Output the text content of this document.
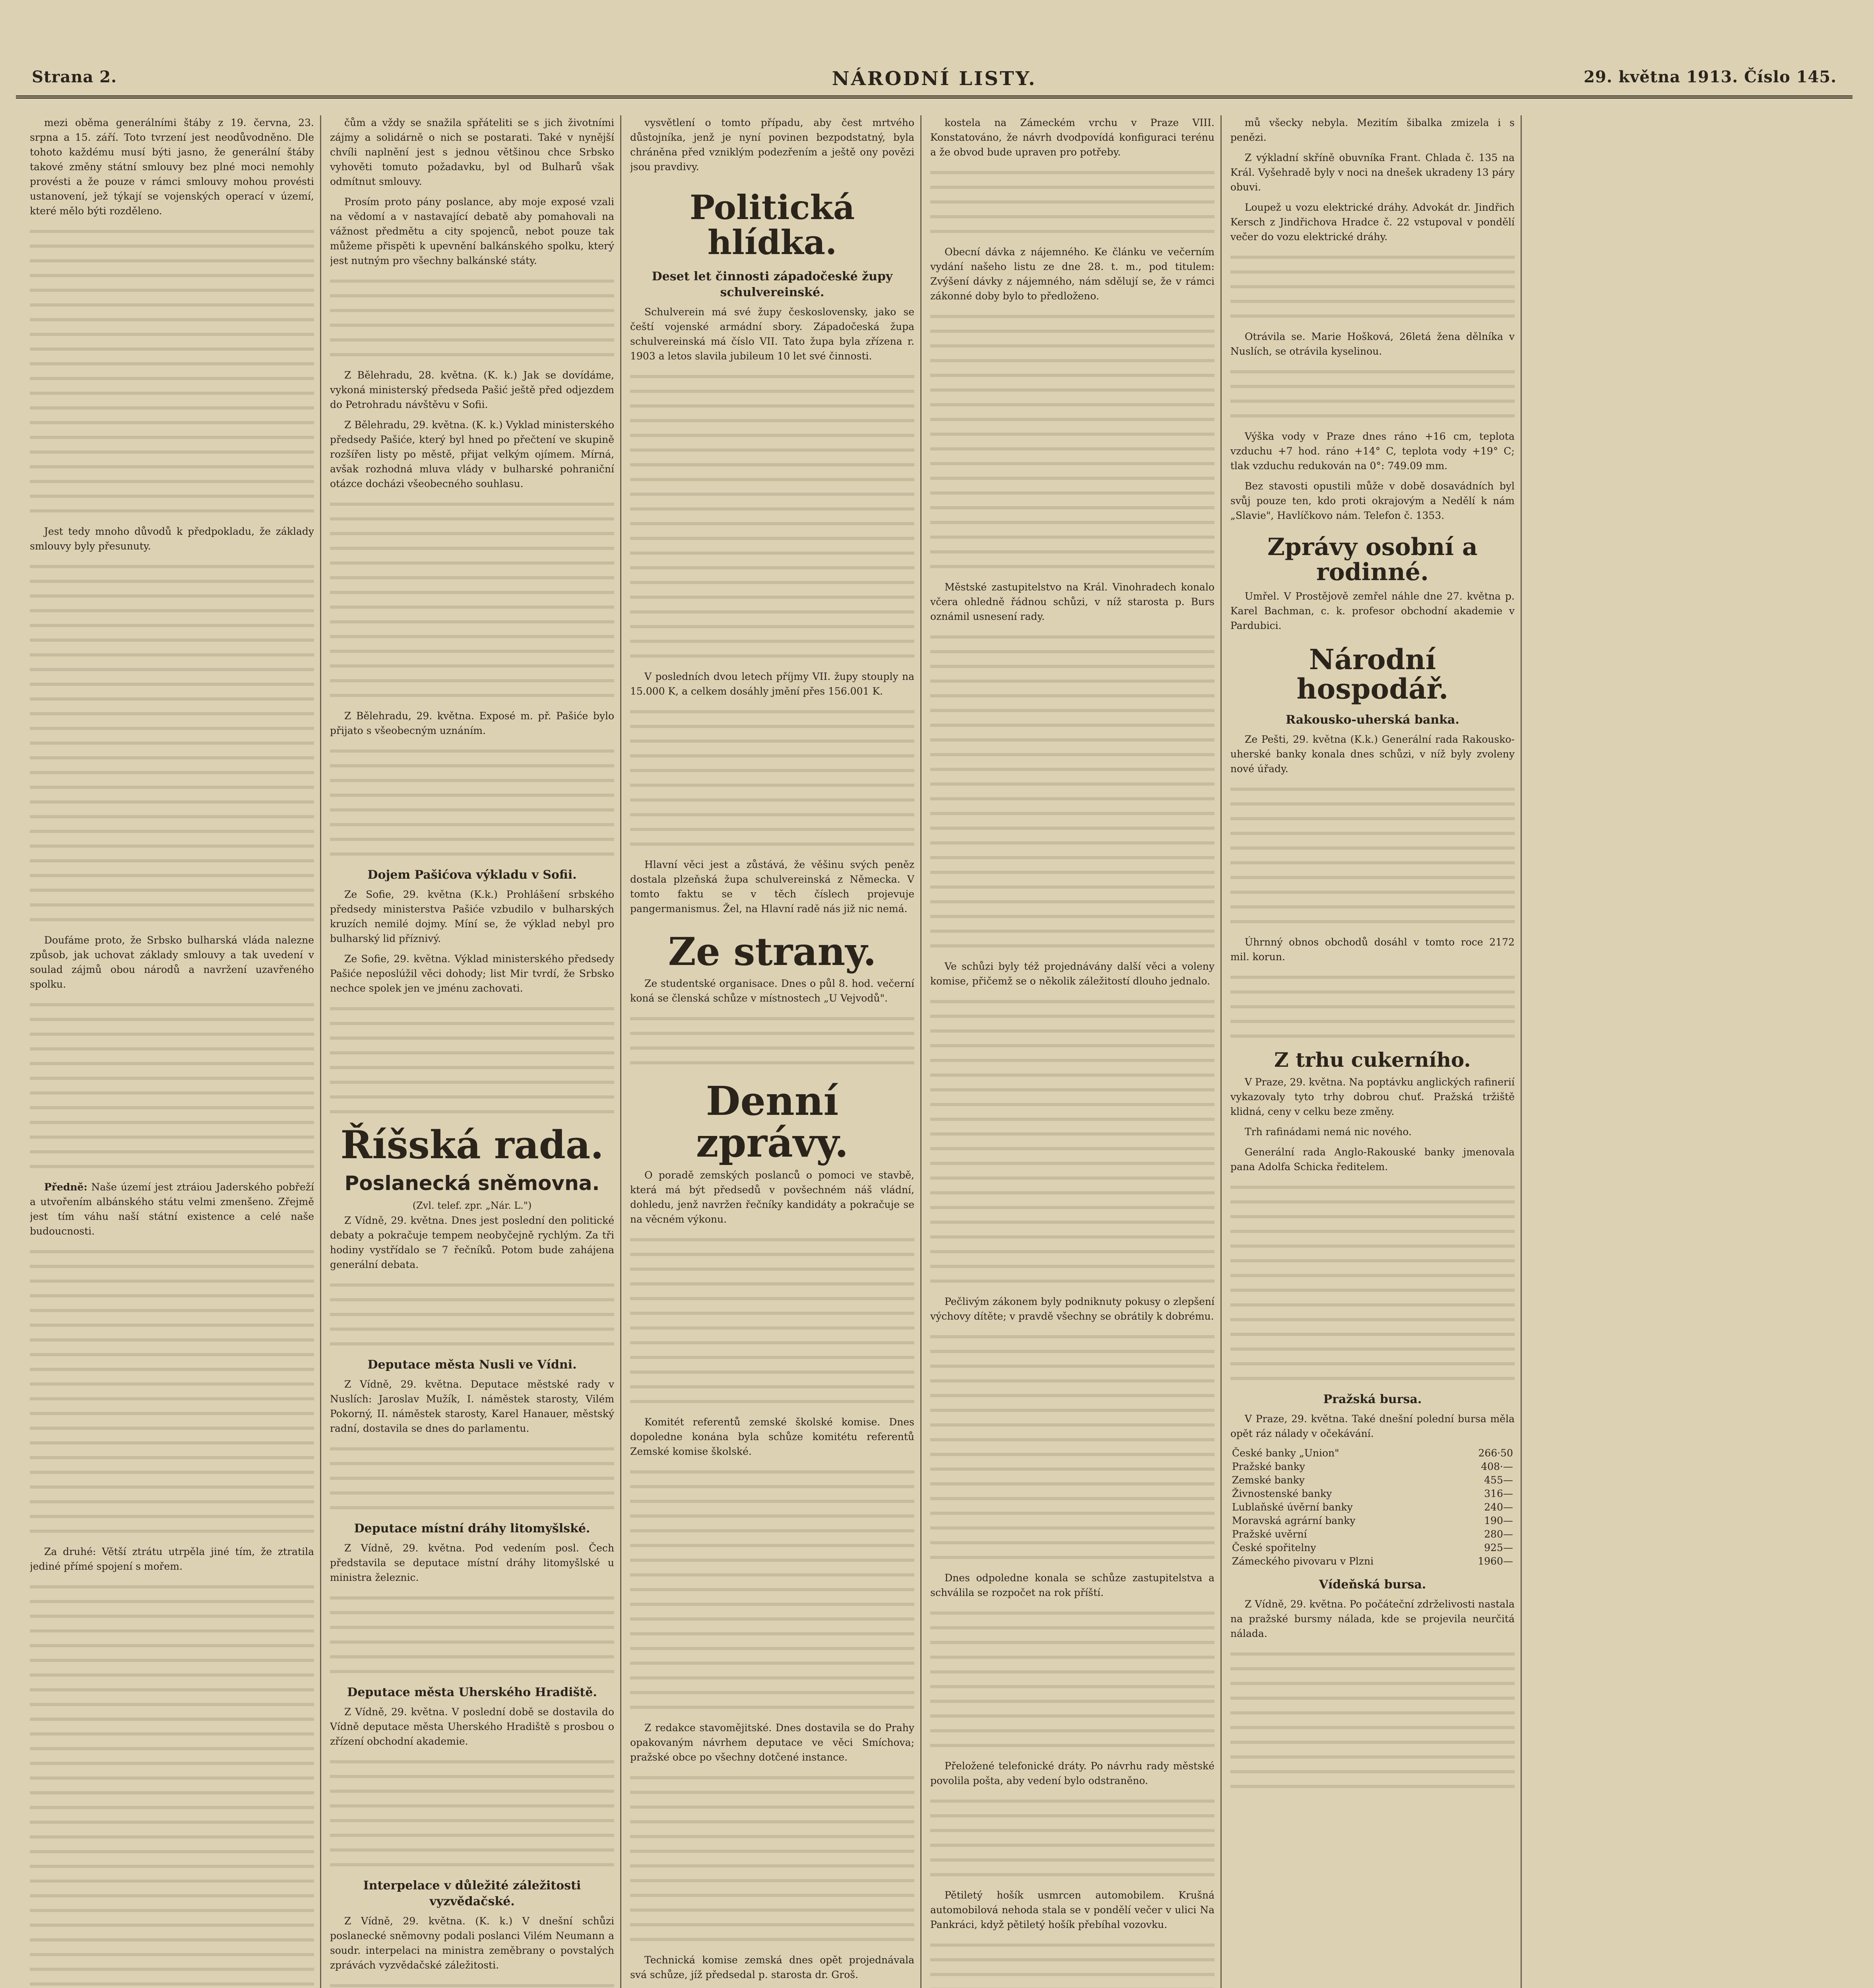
Strana 2.	NÁRODNÍ LISTY.	29. května 1913. Číslo 145.

mezi oběma generálními štáby z 19. června, 23. srpna a 15. září. Toto tvrzení jest neodůvodněno. Dle tohoto každému musí býti jasno, že generální štáby takové změny státní smlouvy bez plné moci nemohly provésti a že pouze v rámci smlouvy mohou provésti ustanovení, jež týkají se vojenských operací v území, které mělo býti rozděleno.

Jest tedy mnoho důvodů k předpokladu, že základy smlouvy byly přesunuty.

Doufáme proto, že Srbsko bulharská vláda nalezne způsob, jak uchovat základy smlouvy a tak uvedení v soulad zájmů obou národů a navržení uzavřeného spolku.

Předně: Naše území jest ztráiou Jaderského pobřeží a utvořením albánského státu velmi zmenšeno. Zřejmě jest tím váhu naší státní existence a celé naše budoucnosti.

Za druhé: Větší ztrátu utrpěla jiné tím, že ztratila jediné přímé spojení s mořem.

čům a vždy se snažila spřáteliti se s jich životními zájmy a solidárně o nich se postarati. Také v nynější chvíli naplnění jest s jednou většinou chce Srbsko vyhověti tomuto požadavku, byl od Bulharů však odmítnut smlouvy.

Prosím proto pány poslance, aby moje exposé vzali na vědomí a v nastavající debatě aby pomahovali na vážnost předmětu a city spojenců, nebot pouze tak můžeme přispěti k upevnění balkánského spolku, který jest nutným pro všechny balkánské státy.

Z Bělehradu, 28. května. (K. k.) Jak se dovídáme, vykoná ministerský předseda Pašić ještě před odjezdem do Petrohradu návštěvu v Sofii.

Z Bělehradu, 29. května. (K. k.) Vyklad ministerského předsedy Pašiće, který byl hned po přečtení ve skupině rozšířen listy po městě, přijat velkým ojímem. Mírná, avšak rozhodná mluva vlády v bulharské pohraniční otázce docházi všeobecného souhlasu.

Z Bělehradu, 29. května. Exposé m. př. Pašiće bylo přijato s všeobecným uznáním.

Dojem Pašićova výkladu v Sofii.

Ze Sofie, 29. května (K.k.) Prohlášení srbského předsedy ministerstva Pašiće vzbudilo v bulharských kruzích nemilé dojmy. Míní se, že výklad nebyl pro bulharský lid příznivý.

Ze Sofie, 29. května. Výklad ministerského předsedy Pašiće neposlúžil věci dohody; list Mir tvrdí, že Srbsko nechce spolek jen ve jménu zachovati.

Říšská rada.
Poslanecká sněmovna.
(Zvl. telef. zpr. „Nár. L.")

Z Vídně, 29. května. Dnes jest poslední den politické debaty a pokračuje tempem neobyčejně rychlým. Za tři hodiny vystřídalo se 7 řečníků. Potom bude zahájena generální debata.

Deputace města Nusli ve Vídni.

Z Vídně, 29. května. Deputace městské rady v Nuslích: Jaroslav Mužík, I. náměstek starosty, Vilém Pokorný, II. náměstek starosty, Karel Hanauer, městský radní, dostavila se dnes do parlamentu.

Deputace místní dráhy litomyšlské.

Z Vídně, 29. května. Pod vedením posl. Čech představila se deputace místní dráhy litomyšlské u ministra železnic.

Deputace města Uherského Hradiště.

Z Vídně, 29. května. V poslední době se dostavila do Vídně deputace města Uherského Hradiště s prosbou o zřízení obchodní akademie.

Interpelace v důležité záležitosti vyzvědačské.

Z Vídně, 29. května. (K. k.) V dnešní schůzi poslanecké sněmovny podali poslanci Vilém Neumann a soudr. interpelaci na ministra zeměbrany o povstalých zprávách vyzvědačské záležitosti.

vysvětlení o tomto případu, aby čest mrtvého důstojníka, jenž je nyní povinen bezpodstatný, byla chráněna před vzniklým podezřením a ještě ony povězi jsou pravdivy.

Politická hlídka.
Deset let činnosti západočeské župy schulvereinské.

Schulverein má své župy československy, jako se čeští vojenské armádní sbory. Západočeská župa schulvereinská má číslo VII. Tato župa byla zřízena r. 1903 a letos slavila jubileum 10 let své činnosti.

V posledních dvou letech příjmy VII. župy stouply na 15.000 K, a celkem dosáhly jmění přes 156.001 K.

Hlavní věci jest a zůstává, že věšinu svých peněz dostala plzeňská župa schulvereinská z Německa. V tomto faktu se v těch číslech projevuje pangermanismus. Žel, na Hlavní radě nás již nic nemá.

Ze strany.

Ze studentské organisace. Dnes o půl 8. hod. večerní koná se členská schůze v místnostech „U Vejvodů".

Denní zprávy.

O poradě zemských poslanců o pomoci ve stavbě, která má být předsedů v povšechném náš vládní, dohledu, jenž navržen řečníky kandidáty a pokračuje se na věcném výkonu.

Komitét referentů zemské školské komise. Dnes dopoledne konána byla schůze komitétu referentů Zemské komise školské.

Z redakce stavomějitské. Dnes dostavila se do Prahy opakovaným návrhem deputace ve věci Smíchova; pražské obce po všechny dotčené instance.

Technická komise zemská dnes opět projednávala svá schůze, jíž předsedal p. starosta dr. Groš.

kostela na Zámeckém vrchu v Praze VIII. Konstatováno, že návrh dvodpovídá konfiguraci terénu a že obvod bude upraven pro potřeby.

Obecní dávka z nájemného. Ke článku ve večerním vydání našeho listu ze dne 28. t. m., pod titulem: Zvýšení dávky z nájemného, nám sdělují se, že v rámci zákonné doby bylo to předloženo.

Městské zastupitelstvo na Král. Vinohradech konalo včera ohledně řádnou schůzi, v níž starosta p. Burs oznámil usnesení rady.

Ve schůzi byly též projednávány další věci a voleny komise, přičemž se o několik záležitostí dlouho jednalo.

Pečlivým zákonem byly podniknuty pokusy o zlepšení výchovy dítěte; v pravdě všechny se obrátily k dobrému.

Dnes odpoledne konala se schůze zastupitelstva a schválila se rozpočet na rok příští.

Přeložené telefonické dráty. Po návrhu rady městské povolila pošta, aby vedení bylo odstraněno.

Pětiletý hošík usmrcen automobilem. Krušná automobilová nehoda stala se v pondělí večer v ulici Na Pankráci, když pětiletý hošík přebíhal vozovku.

mů všecky nebyla. Mezitím šibalka zmizela i s penězi.

Z výkladní skříně obuvníka Frant. Chlada č. 135 na Král. Vyšehradě byly v noci na dnešek ukradeny 13 páry obuvi.

Loupež u vozu elektrické dráhy. Advokát dr. Jindřich Kersch z Jindřichova Hradce č. 22 vstupoval v pondělí večer do vozu elektrické dráhy.

Otrávila se. Marie Hošková, 26letá žena dělníka v Nuslích, se otrávila kyselinou.

Výška vody v Praze dnes ráno +16 cm, teplota vzduchu +7 hod. ráno +14° C, teplota vody +19° C; tlak vzduchu redukován na 0°: 749.09 mm.

Bez stavosti opustili může v době dosavádních byl svůj pouze ten, kdo proti okrajovým a Nedělí k nám „Slavie", Havlíčkovo nám. Telefon č. 1353.

Zprávy osobní a rodinné.

Umřel. V Prostějově zemřel náhle dne 27. května p. Karel Bachman, c. k. profesor obchodní akademie v Pardubici.

Národní hospodář.
Rakousko-uherská banka.

Ze Pešti, 29. května (K.k.) Generální rada Rakousko-uherské banky konala dnes schůzi, v níž byly zvoleny nové úřady.

Úhrnný obnos obchodů dosáhl v tomto roce 2172 mil. korun.

Z trhu cukerního.

V Praze, 29. května. Na poptávku anglických rafinerií vykazovaly tyto trhy dobrou chuť. Pražská tržiště klidná, ceny v celku beze změny.

Trh rafinádami nemá nic nového.

Generální rada Anglo-Rakouské banky jmenovala pana Adolfa Schicka ředitelem.

Pražská bursa.

V Praze, 29. května. Také dnešní polední bursa měla opět ráz nálady v očekávání.

České banky „Union"	266·50
Pražské banky	408·—
Zemské banky	455—
Živnostenské banky	316—
Lublaňské úvěrní banky	240—
Moravská agrární banky	190—
Pražské uvěrní	280—
České spořitelny	925—
Zámeckého pivovaru v Plzni	1960—
Vídeňská bursa.

Z Vídně, 29. května. Po počáteční zdrželivosti nastala na pražské bursmy nálada, kde se projevila neurčitá nálada.
